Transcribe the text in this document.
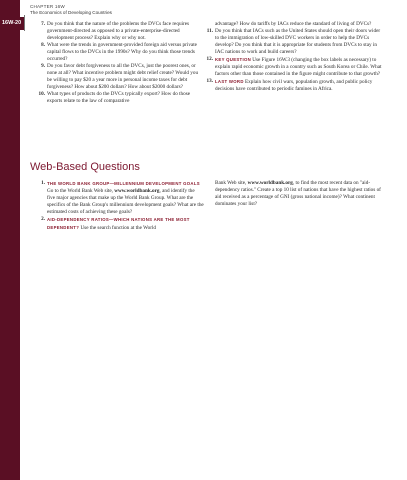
16W-20
CHAPTER 16W
The Economics of Developing Countries
7. Do you think that the nature of the problems the DVCs face requires government-directed as opposed to a private-enterprise-directed development process? Explain why or why not.
8. What were the trends in government-provided foreign aid versus private capital flows to the DVCs in the 1990s? Why do you think those trends occurred?
9. Do you favor debt forgiveness to all the DVCs, just the poorest ones, or none at all? What incentive problem might debt relief create? Would you be willing to pay $20 a year more in personal income taxes for debt forgiveness? How about $200 dollars? How about $2000 dollars?
10. What types of products do the DVCs typically export? How do those exports relate to the law of comparative
advantage? How do tariffs by IACs reduce the standard of living of DVCs?
11. Do you think that IACs such as the United States should open their doors wider to the immigration of low-skilled DVC workers in order to help the DVCs develop? Do you think that it is appropriate for students from DVCs to stay in IAC nations to work and build careers?
12. KEY QUESTION Use Figure 16W.3 (changing the box labels as necessary) to explain rapid economic growth in a country such as South Korea or Chile. What factors other than those contained in the figure might contribute to that growth?
13. LAST WORD Explain how civil wars, population growth, and public policy decisions have contributed to periodic famines in Africa.
Web-Based Questions
1. THE WORLD BANK GROUP—MILLENNIUM DEVELOPMENT GOALS Go to the World Bank Web site, www.worldbank.org, and identify the five major agencies that make up the World Bank Group. What are the specifics of the Bank Group's millennium development goals? What are the estimated costs of achieving these goals?
2. AID-DEPENDENCY RATIOS—WHICH NATIONS ARE THE MOST DEPENDENT? Use the search function at the World
Bank Web site, www.worldbank.org, to find the most recent data on "aid-dependency ratios." Create a top 10 list of nations that have the highest ratios of aid received as a percentage of GNI (gross national income)? What continent dominates your list?
